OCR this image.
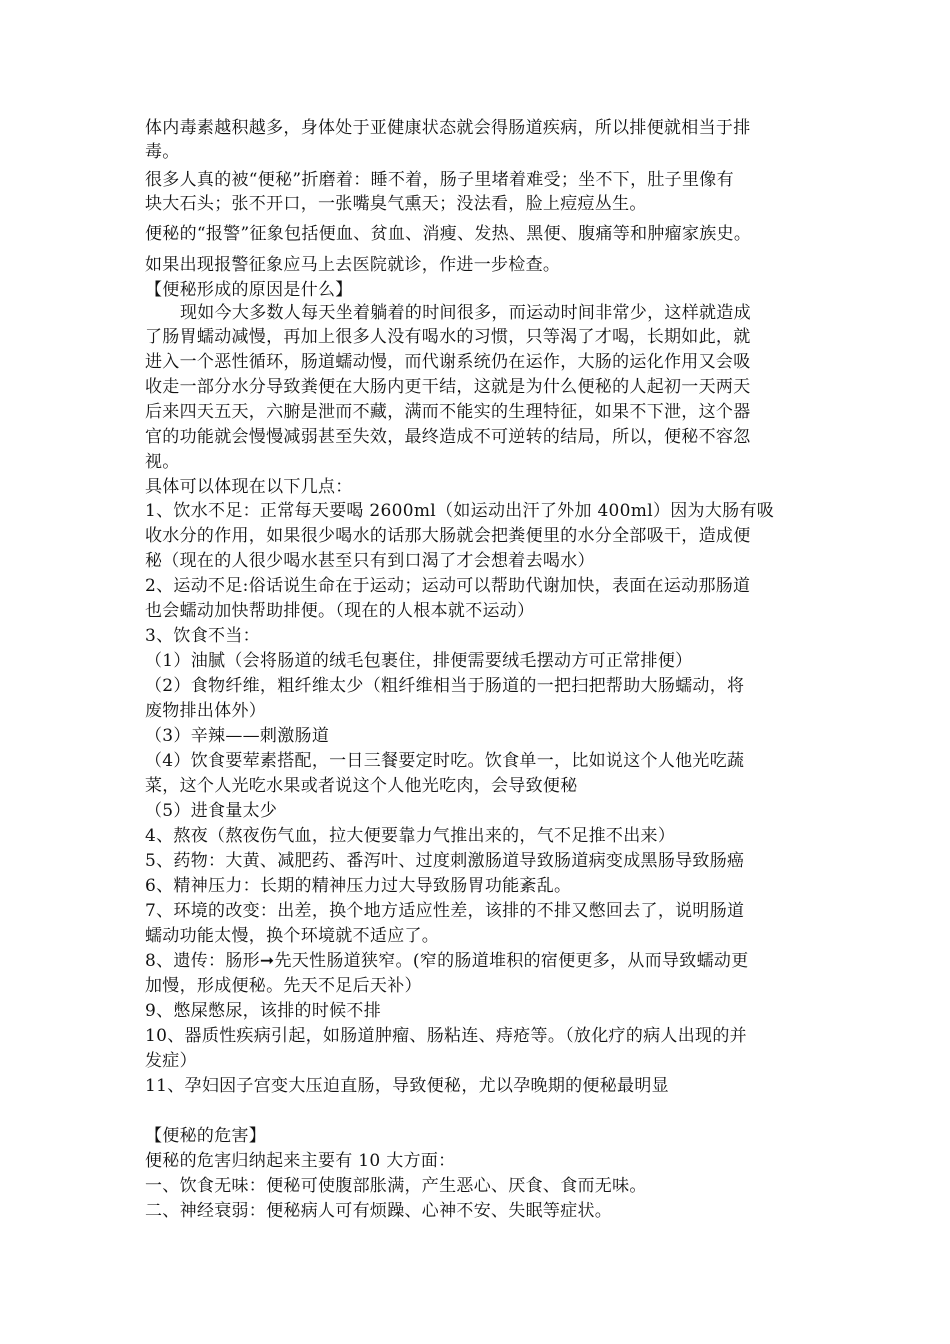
体内毒素越积越多，身体处于亚健康状态就会得肠道疾病，所以排便就相当于排
毒。
很多人真的被“便秘”折磨着：睡不着，肠子里堵着难受；坐不下，肚子里像有
块大石头；张不开口，一张嘴臭气熏天；没法看，脸上痘痘丛生。
便秘的“报警”征象包括便血、贫血、消瘦、发热、黑便、腹痛等和肿瘤家族史。
如果出现报警征象应马上去医院就诊，作进一步检查。
【便秘形成的原因是什么】
现如今大多数人每天坐着躺着的时间很多，而运动时间非常少，这样就造成
了肠胃蠕动减慢，再加上很多人没有喝水的习惯，只等渴了才喝，长期如此，就
进入一个恶性循环，肠道蠕动慢，而代谢系统仍在运作，大肠的运化作用又会吸
收走一部分水分导致粪便在大肠内更干结，这就是为什么便秘的人起初一天两天
后来四天五天，六腑是泄而不藏，满而不能实的生理特征，如果不下泄，这个器
官的功能就会慢慢减弱甚至失效，最终造成不可逆转的结局，所以，便秘不容忽
视。
具体可以体现在以下几点：
1、饮水不足：正常每天要喝 2600ml（如运动出汗了外加 400ml）因为大肠有吸
收水分的作用，如果很少喝水的话那大肠就会把粪便里的水分全部吸干，造成便
秘（现在的人很少喝水甚至只有到口渴了才会想着去喝水）
2、运动不足:俗话说生命在于运动；运动可以帮助代谢加快，表面在运动那肠道
也会蠕动加快帮助排便。（现在的人根本就不运动）
3、饮食不当：
（1）油腻（会将肠道的绒毛包裹住，排便需要绒毛摆动方可正常排便）
（2）食物纤维，粗纤维太少（粗纤维相当于肠道的一把扫把帮助大肠蠕动，将
废物排出体外）
（3）辛辣——刺激肠道
（4）饮食要荤素搭配，一日三餐要定时吃。饮食单一，比如说这个人他光吃蔬
菜，这个人光吃水果或者说这个人他光吃肉，会导致便秘
（5）进食量太少
4、熬夜（熬夜伤气血，拉大便要靠力气推出来的，气不足推不出来）
5、药物：大黄、减肥药、番泻叶、过度刺激肠道导致肠道病变成黑肠导致肠癌
6、精神压力：长期的精神压力过大导致肠胃功能紊乱。
7、环境的改变：出差，换个地方适应性差，该排的不排又憋回去了，说明肠道
蠕动功能太慢，换个环境就不适应了。
8、遗传：肠形➞先天性肠道狭窄。(窄的肠道堆积的宿便更多，从而导致蠕动更
加慢，形成便秘。先天不足后天补）
9、憋屎憋尿，该排的时候不排
10、器质性疾病引起，如肠道肿瘤、肠粘连、痔疮等。（放化疗的病人出现的并
发症）
11、孕妇因子宫变大压迫直肠，导致便秘，尤以孕晚期的便秘最明显
【便秘的危害】
便秘的危害归纳起来主要有 10 大方面：
一、饮食无味：便秘可使腹部胀满，产生恶心、厌食、食而无味。
二、神经衰弱：便秘病人可有烦躁、心神不安、失眠等症状。
